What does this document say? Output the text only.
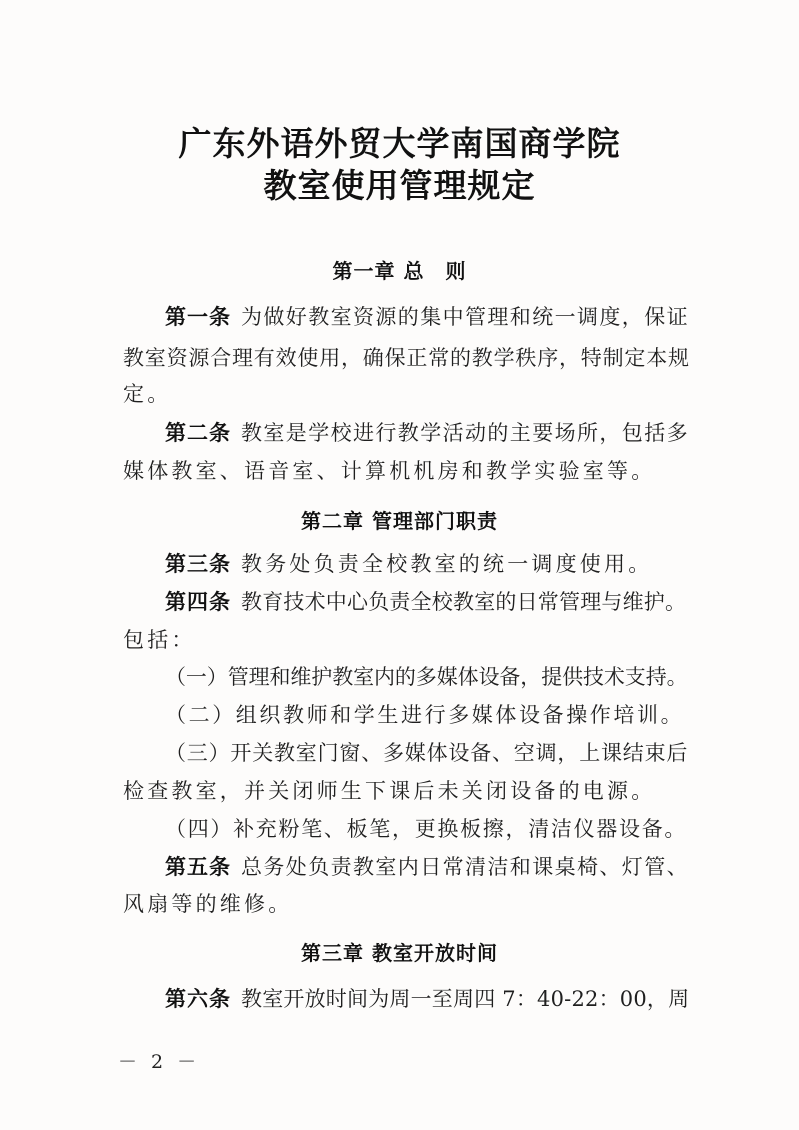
广东外语外贸大学南国商学院
教室使用管理规定
第一章 总　则
第一条 为做好教室资源的集中管理和统一调度，保证
教室资源合理有效使用，确保正常的教学秩序，特制定本规
定。
第二条 教室是学校进行教学活动的主要场所，包括多
媒体教室、语音室、计算机机房和教学实验室等。
第二章 管理部门职责
第三条 教务处负责全校教室的统一调度使用。
第四条 教育技术中心负责全校教室的日常管理与维护。
包括：
（一）管理和维护教室内的多媒体设备，提供技术支持。
（二）组织教师和学生进行多媒体设备操作培训。
（三）开关教室门窗、多媒体设备、空调，上课结束后
检查教室，并关闭师生下课后未关闭设备的电源。
（四）补充粉笔、板笔，更换板擦，清洁仪器设备。
第五条 总务处负责教室内日常清洁和课桌椅、灯管、
风扇等的维修。
第三章 教室开放时间
第六条 教室开放时间为周一至周四 7：40-22：00，周
－ 2 －
